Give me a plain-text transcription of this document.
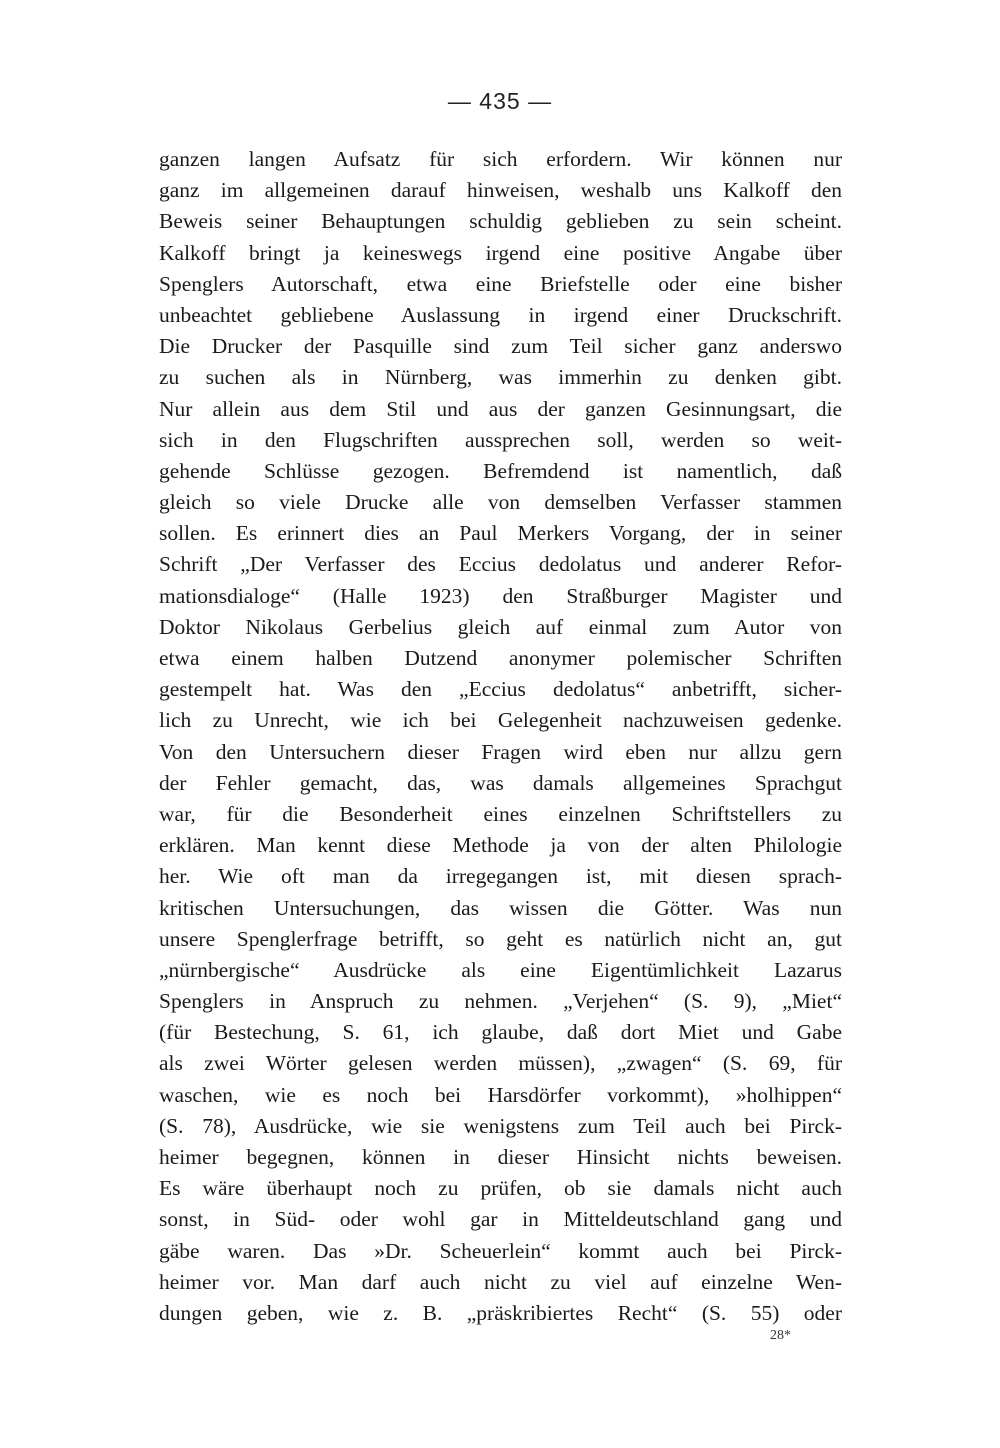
— 435 —
ganzen langen Aufsatz für sich erfordern. Wir können nur
ganz im allgemeinen darauf hinweisen, weshalb uns Kalkoff den
Beweis seiner Behauptungen schuldig geblieben zu sein scheint.
Kalkoff bringt ja keineswegs irgend eine positive Angabe über
Spenglers Autorschaft, etwa eine Briefstelle oder eine bisher
unbeachtet gebliebene Auslassung in irgend einer Druckschrift.
Die Drucker der Pasquille sind zum Teil sicher ganz anderswo
zu suchen als in Nürnberg, was immerhin zu denken gibt.
Nur allein aus dem Stil und aus der ganzen Gesinnungsart, die
sich in den Flugschriften aussprechen soll, werden so weit-
gehende Schlüsse gezogen. Befremdend ist namentlich, daß
gleich so viele Drucke alle von demselben Verfasser stammen
sollen. Es erinnert dies an Paul Merkers Vorgang, der in seiner
Schrift „Der Verfasser des Eccius dedolatus und anderer Refor-
mationsdialoge“ (Halle 1923) den Straßburger Magister und
Doktor Nikolaus Gerbelius gleich auf einmal zum Autor von
etwa einem halben Dutzend anonymer polemischer Schriften
gestempelt hat. Was den „Eccius dedolatus“ anbetrifft, sicher-
lich zu Unrecht, wie ich bei Gelegenheit nachzuweisen gedenke.
Von den Untersuchern dieser Fragen wird eben nur allzu gern
der Fehler gemacht, das, was damals allgemeines Sprachgut
war, für die Besonderheit eines einzelnen Schriftstellers zu
erklären. Man kennt diese Methode ja von der alten Philologie
her. Wie oft man da irregegangen ist, mit diesen sprach-
kritischen Untersuchungen, das wissen die Götter. Was nun
unsere Spenglerfrage betrifft, so geht es natürlich nicht an, gut
„nürnbergische“ Ausdrücke als eine Eigentümlichkeit Lazarus
Spenglers in Anspruch zu nehmen. „Verjehen“ (S. 9), „Miet“
(für Bestechung, S. 61, ich glaube, daß dort Miet und Gabe
als zwei Wörter gelesen werden müssen), „zwagen“ (S. 69, für
waschen, wie es noch bei Harsdörfer vorkommt), »holhippen“
(S. 78), Ausdrücke, wie sie wenigstens zum Teil auch bei Pirck-
heimer begegnen, können in dieser Hinsicht nichts beweisen.
Es wäre überhaupt noch zu prüfen, ob sie damals nicht auch
sonst, in Süd- oder wohl gar in Mitteldeutschland gang und
gäbe waren. Das »Dr. Scheuerlein“ kommt auch bei Pirck-
heimer vor. Man darf auch nicht zu viel auf einzelne Wen-
dungen geben, wie z. B. „präskribiertes Recht“ (S. 55) oder
28*
